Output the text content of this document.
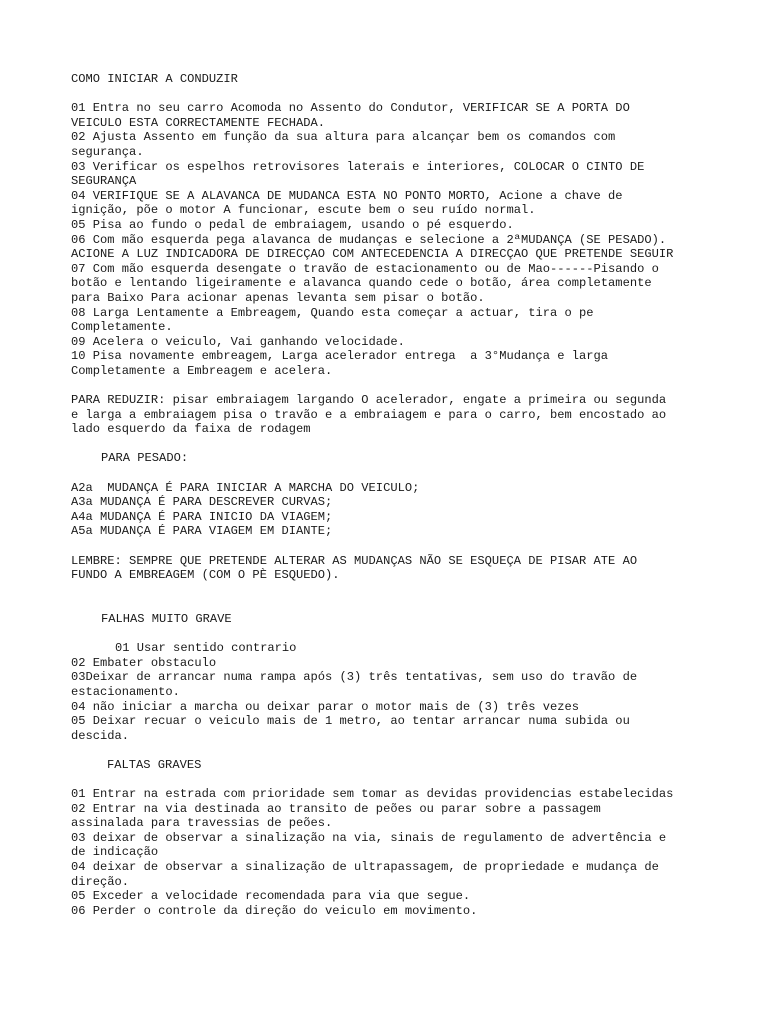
COMO INICIAR A CONDUZIR
01 Entra no seu carro Acomoda no Assento do Condutor, VERIFICAR SE A PORTA DO
VEICULO ESTA CORRECTAMENTE FECHADA.
02 Ajusta Assento em função da sua altura para alcançar bem os comandos com
segurança.
03 Verificar os espelhos retrovisores laterais e interiores, COLOCAR O CINTO DE
SEGURANÇA
04 VERIFIQUE SE A ALAVANCA DE MUDANCA ESTA NO PONTO MORTO, Acione a chave de
ignição, põe o motor A funcionar, escute bem o seu ruído normal.
05 Pisa ao fundo o pedal de embraiagem, usando o pé esquerdo.
06 Com mão esquerda pega alavanca de mudanças e selecione a 2ªMUDANÇA (SE PESADO).
ACIONE A LUZ INDICADORA DE DIRECÇAO COM ANTECEDENCIA A DIRECÇAO QUE PRETENDE SEGUIR
07 Com mão esquerda desengate o travão de estacionamento ou de Mao------Pisando o
botão e lentando ligeiramente e alavanca quando cede o botão, área completamente
para Baixo Para acionar apenas levanta sem pisar o botão.
08 Larga Lentamente a Embreagem, Quando esta começar a actuar, tira o pe
Completamente.
09 Acelera o veiculo, Vai ganhando velocidade.
10 Pisa novamente embreagem, Larga acelerador entrega  a 3°Mudança e larga
Completamente a Embreagem e acelera.
PARA REDUZIR: pisar embraiagem largando O acelerador, engate a primeira ou segunda
e larga a embraiagem pisa o travão e a embraiagem e para o carro, bem encostado ao
lado esquerdo da faixa de rodagem
PARA PESADO:
A2a  MUDANÇA É PARA INICIAR A MARCHA DO VEICULO;
A3a MUDANÇA É PARA DESCREVER CURVAS;
A4a MUDANÇA É PARA INICIO DA VIAGEM;
A5a MUDANÇA É PARA VIAGEM EM DIANTE;
LEMBRE: SEMPRE QUE PRETENDE ALTERAR AS MUDANÇAS NÃO SE ESQUEÇA DE PISAR ATE AO
FUNDO A EMBREAGEM (COM O PÈ ESQUEDO).
FALHAS MUITO GRAVE
01 Usar sentido contrario
02 Embater obstaculo
03Deixar de arrancar numa rampa após (3) três tentativas, sem uso do travão de
estacionamento.
04 não iniciar a marcha ou deixar parar o motor mais de (3) três vezes
05 Deixar recuar o veiculo mais de 1 metro, ao tentar arrancar numa subida ou
descida.
FALTAS GRAVES
01 Entrar na estrada com prioridade sem tomar as devidas providencias estabelecidas
02 Entrar na via destinada ao transito de peões ou parar sobre a passagem
assinalada para travessias de peões.
03 deixar de observar a sinalização na via, sinais de regulamento de advertência e
de indicação
04 deixar de observar a sinalização de ultrapassagem, de propriedade e mudança de
direção.
05 Exceder a velocidade recomendada para via que segue.
06 Perder o controle da direção do veiculo em movimento.
